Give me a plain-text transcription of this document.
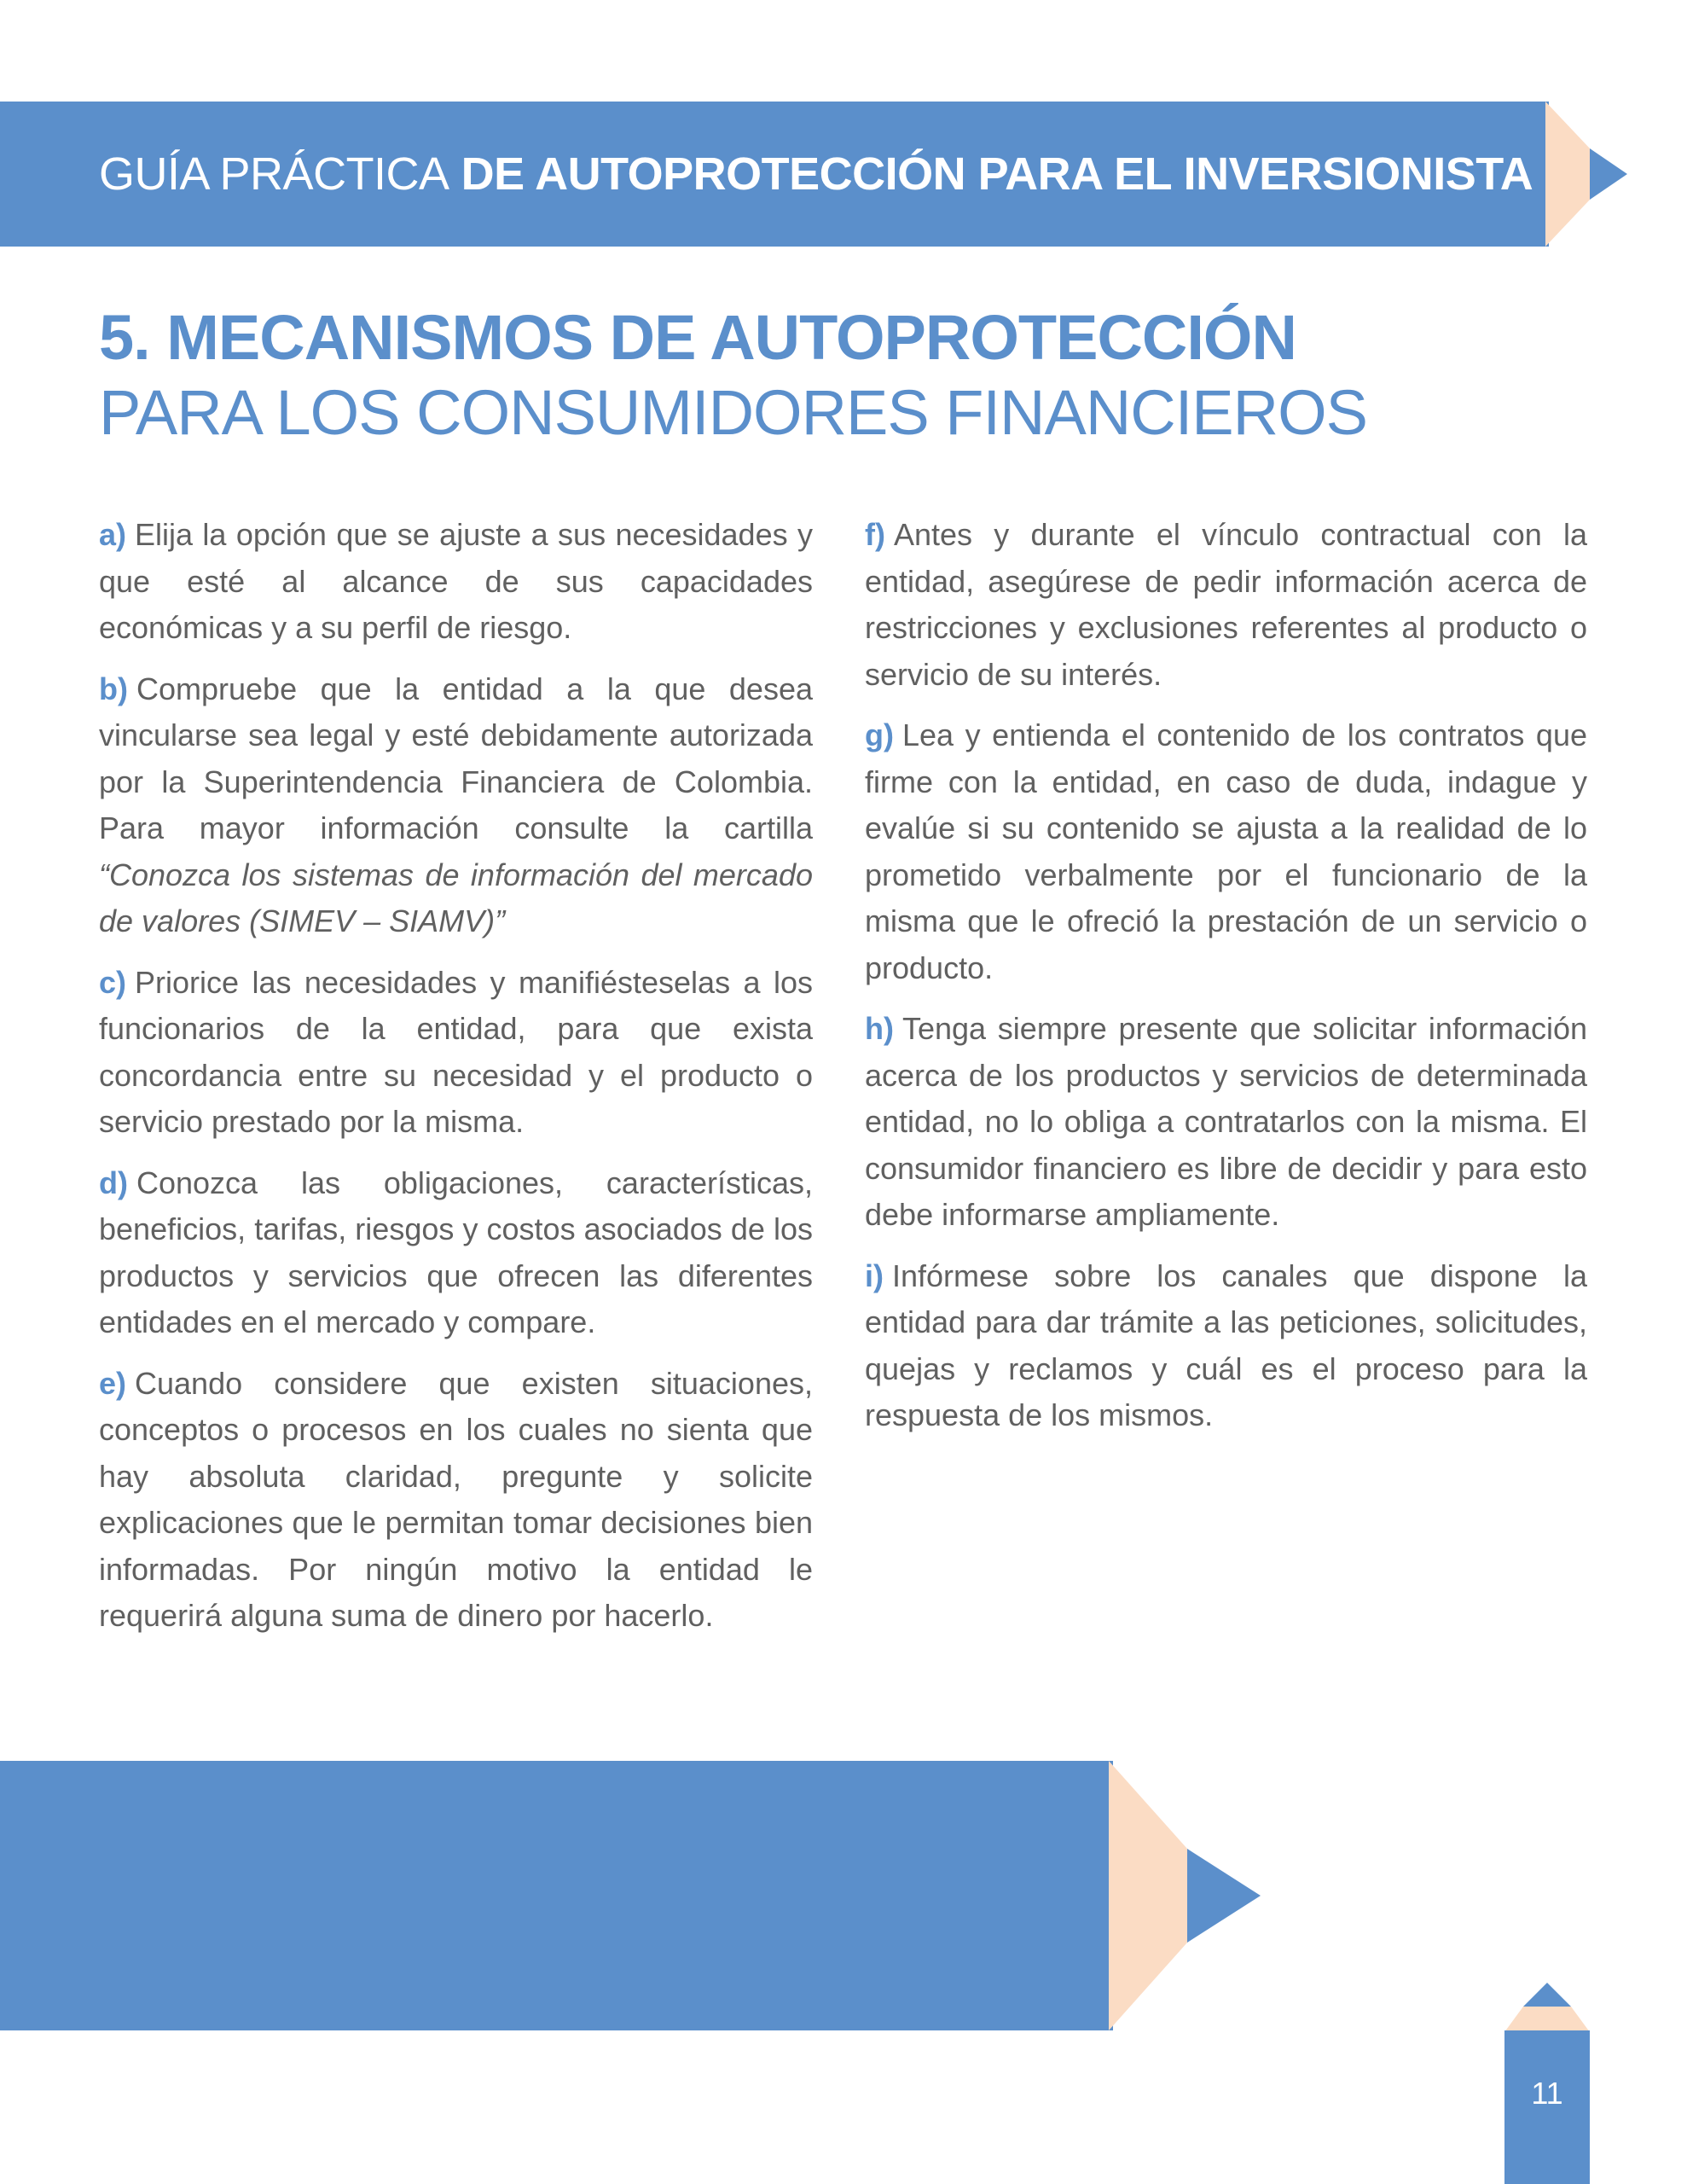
GUÍA PRÁCTICA DE AUTOPROTECCIÓN PARA EL INVERSIONISTA
5. MECANISMOS DE AUTOPROTECCIÓN
PARA LOS CONSUMIDORES FINANCIEROS

a) Elija la opción que se ajuste a sus necesidades y que esté al alcance de sus capacidades económicas y a su perfil de riesgo.

b) Compruebe que la entidad a la que desea vincularse sea legal y esté debidamente autorizada por la Superintendencia Financiera de Colombia. Para mayor información consulte la cartilla “Conozca los sistemas de información del mercado de valores (SIMEV – SIAMV)”

c) Priorice las necesidades y manifiésteselas a los funcionarios de la entidad, para que exista concordancia entre su necesidad y el producto o servicio prestado por la misma.

d) Conozca las obligaciones, características, beneficios, tarifas, riesgos y costos asociados de los productos y servicios que ofrecen las diferentes entidades en el mercado y compare.

e) Cuando considere que existen situaciones, conceptos o procesos en los cuales no sienta que hay absoluta claridad, pregunte y solicite explicaciones que le permitan tomar decisiones bien informadas. Por ningún motivo la entidad le requerirá alguna suma de dinero por hacerlo.

f) Antes y durante el vínculo contractual con la entidad, asegúrese de pedir información acerca de restricciones y exclusiones referentes al producto o servicio de su interés.

g) Lea y entienda el contenido de los contratos que firme con la entidad, en caso de duda, indague y evalúe si su contenido se ajusta a la realidad de lo prometido verbalmente por el funcionario de la misma que le ofreció la prestación de un servicio o producto.

h) Tenga siempre presente que solicitar información acerca de los productos y servicios de determinada entidad, no lo obliga a contratarlos con la misma. El consumidor financiero es libre de decidir y para esto debe informarse ampliamente.

i) Infórmese sobre los canales que dispone la entidad para dar trámite a las peticiones, solicitudes, quejas y reclamos y cuál es el proceso para la respuesta de los mismos.

11
